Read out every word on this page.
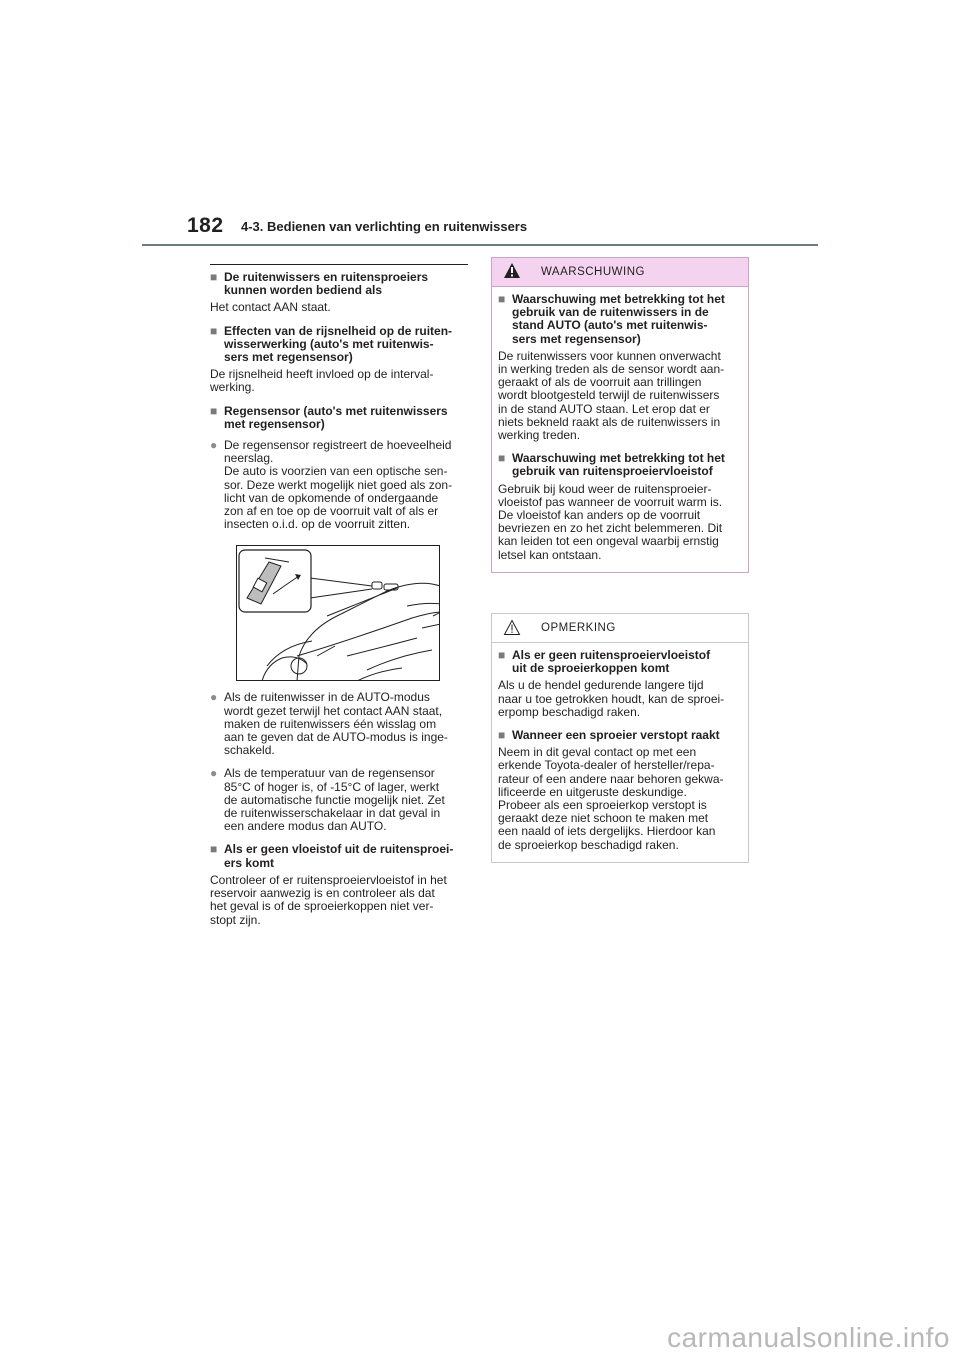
182 4-3. Bedienen van verlichting en ruitenwissers
■ De ruitenwissers en ruitensproeiers
kunnen worden bediend als
Het contact AAN staat.
■ Effecten van de rijsnelheid op de ruiten-
wisserwerking (auto's met ruitenwis-
sers met regensensor)
De rijsnelheid heeft invloed op de interval-
werking.
■ Regensensor (auto's met ruitenwissers
met regensensor)
● De regensensor registreert de hoeveelheid
neerslag.
De auto is voorzien van een optische sen-
sor. Deze werkt mogelijk niet goed als zon-
licht van de opkomende of ondergaande
zon af en toe op de voorruit valt of als er
insecten o.i.d. op de voorruit zitten.
● Als de ruitenwisser in de AUTO-modus
wordt gezet terwijl het contact AAN staat,
maken de ruitenwissers één wisslag om
aan te geven dat de AUTO-modus is inge-
schakeld.
● Als de temperatuur van de regensensor
85°C of hoger is, of -15°C of lager, werkt
de automatische functie mogelijk niet. Zet
de ruitenwisserschakelaar in dat geval in
een andere modus dan AUTO.
■ Als er geen vloeistof uit de ruitensproei-
ers komt
Controleer of er ruitensproeiervloeistof in het
reservoir aanwezig is en controleer als dat
het geval is of de sproeierkoppen niet ver-
stopt zijn.
WAARSCHUWING
■ Waarschuwing met betrekking tot het
gebruik van de ruitenwissers in de
stand AUTO (auto's met ruitenwis-
sers met regensensor)
De ruitenwissers voor kunnen onverwacht
in werking treden als de sensor wordt aan-
geraakt of als de voorruit aan trillingen
wordt blootgesteld terwijl de ruitenwissers
in de stand AUTO staan. Let erop dat er
niets bekneld raakt als de ruitenwissers in
werking treden.
■ Waarschuwing met betrekking tot het
gebruik van ruitensproeiervloeistof
Gebruik bij koud weer de ruitensproeier-
vloeistof pas wanneer de voorruit warm is.
De vloeistof kan anders op de voorruit
bevriezen en zo het zicht belemmeren. Dit
kan leiden tot een ongeval waarbij ernstig
letsel kan ontstaan.
OPMERKING
■ Als er geen ruitensproeiervloeistof
uit de sproeierkoppen komt
Als u de hendel gedurende langere tijd
naar u toe getrokken houdt, kan de sproei-
erpomp beschadigd raken.
■ Wanneer een sproeier verstopt raakt
Neem in dit geval contact op met een
erkende Toyota-dealer of hersteller/repa-
rateur of een andere naar behoren gekwa-
lificeerde en uitgeruste deskundige.
Probeer als een sproeierkop verstopt is
geraakt deze niet schoon te maken met
een naald of iets dergelijks. Hierdoor kan
de sproeierkop beschadigd raken.
carmanualsonline.info
